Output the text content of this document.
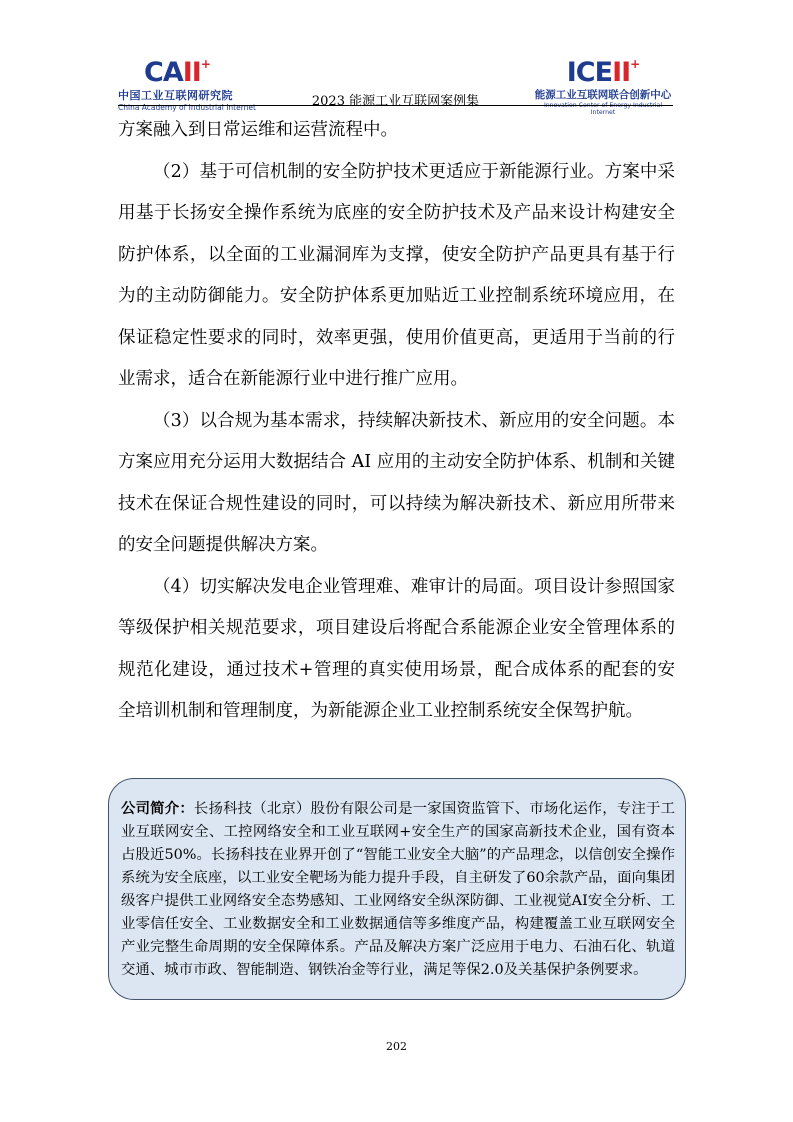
CAII+
中国工业互联网研究院
China Academy of Industrial Internet	2023 能源工业互联网案例集
ICEII+
能源工业互联网联合创新中心
Innovation Center of Energy Industrial Internet

方案融入到日常运维和运营流程中。

（2）基于可信机制的安全防护技术更适应于新能源行业。方案中采用基于长扬安全操作系统为底座的安全防护技术及产品来设计构建安全防护体系，以全面的工业漏洞库为支撑，使安全防护产品更具有基于行为的主动防御能力。安全防护体系更加贴近工业控制系统环境应用，在保证稳定性要求的同时，效率更强，使用价值更高，更适用于当前的行业需求，适合在新能源行业中进行推广应用。

（3）以合规为基本需求，持续解决新技术、新应用的安全问题。本方案应用充分运用大数据结合 AI 应用的主动安全防护体系、机制和关键技术在保证合规性建设的同时，可以持续为解决新技术、新应用所带来的安全问题提供解决方案。

（4）切实解决发电企业管理难、难审计的局面。项目设计参照国家等级保护相关规范要求，项目建设后将配合系能源企业安全管理体系的规范化建设，通过技术+管理的真实使用场景，配合成体系的配套的安全培训机制和管理制度，为新能源企业工业控制系统安全保驾护航。

公司简介：长扬科技（北京）股份有限公司是一家国资监管下、市场化运作，专注于工业互联网安全、工控网络安全和工业互联网+安全生产的国家高新技术企业，国有资本占股近50%。长扬科技在业界开创了“智能工业安全大脑”的产品理念，以信创安全操作系统为安全底座，以工业安全靶场为能力提升手段，自主研发了60余款产品，面向集团级客户提供工业网络安全态势感知、工业网络安全纵深防御、工业视觉AI安全分析、工业零信任安全、工业数据安全和工业数据通信等多维度产品，构建覆盖工业互联网安全产业完整生命周期的安全保障体系。产品及解决方案广泛应用于电力、石油石化、轨道交通、城市市政、智能制造、钢铁冶金等行业，满足等保2.0及关基保护条例要求。

202
